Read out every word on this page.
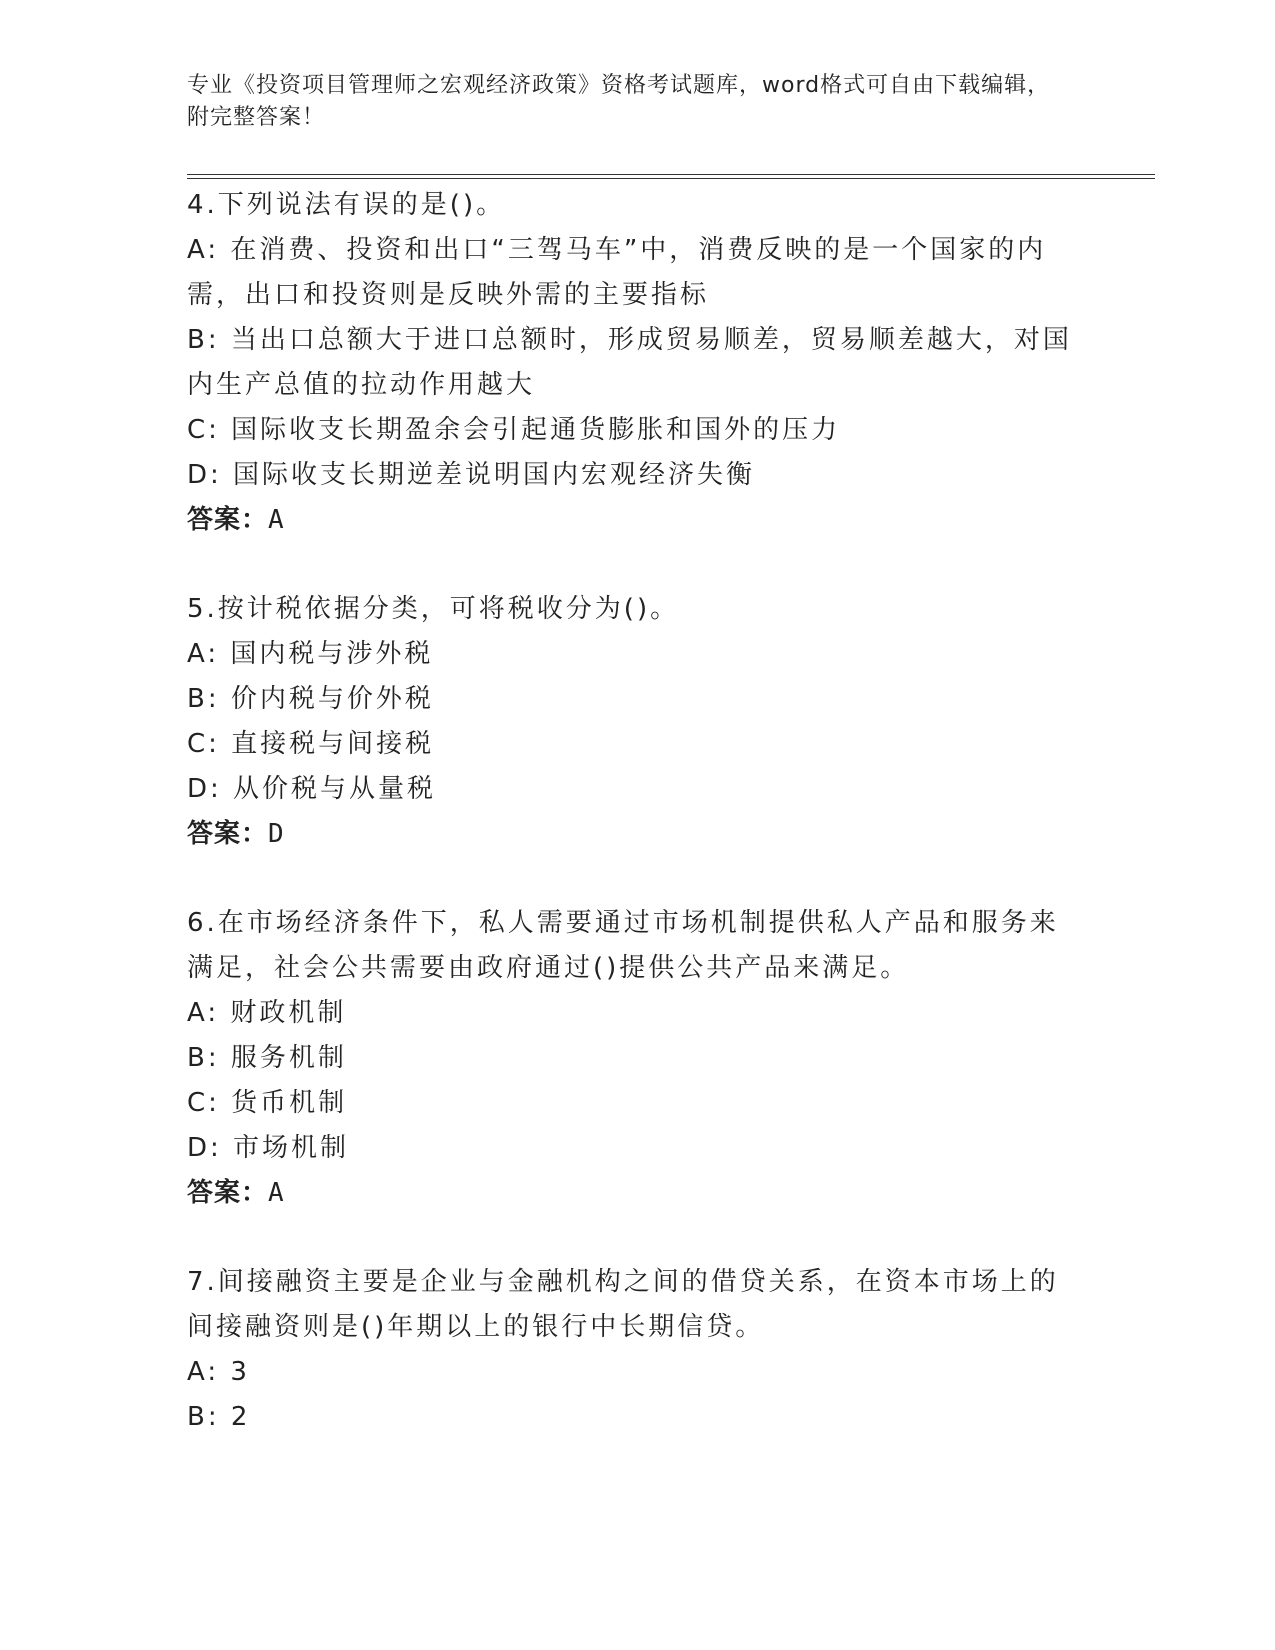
专业《投资项目管理师之宏观经济政策》资格考试题库，word格式可自由下载编辑，附完整答案！

4.下列说法有误的是()。

A: 在消费、投资和出口“三驾马车”中，消费反映的是一个国家的内需，出口和投资则是反映外需的主要指标

B: 当出口总额大于进口总额时，形成贸易顺差，贸易顺差越大，对国内生产总值的拉动作用越大

C: 国际收支长期盈余会引起通货膨胀和国外的压力

D: 国际收支长期逆差说明国内宏观经济失衡

答案：A

5.按计税依据分类，可将税收分为()。

A: 国内税与涉外税

B: 价内税与价外税

C: 直接税与间接税

D: 从价税与从量税

答案：D

6.在市场经济条件下，私人需要通过市场机制提供私人产品和服务来满足，社会公共需要由政府通过()提供公共产品来满足。

A: 财政机制

B: 服务机制

C: 货币机制

D: 市场机制

答案：A

7.间接融资主要是企业与金融机构之间的借贷关系，在资本市场上的间接融资则是()年期以上的银行中长期信贷。

A: 3

B: 2
